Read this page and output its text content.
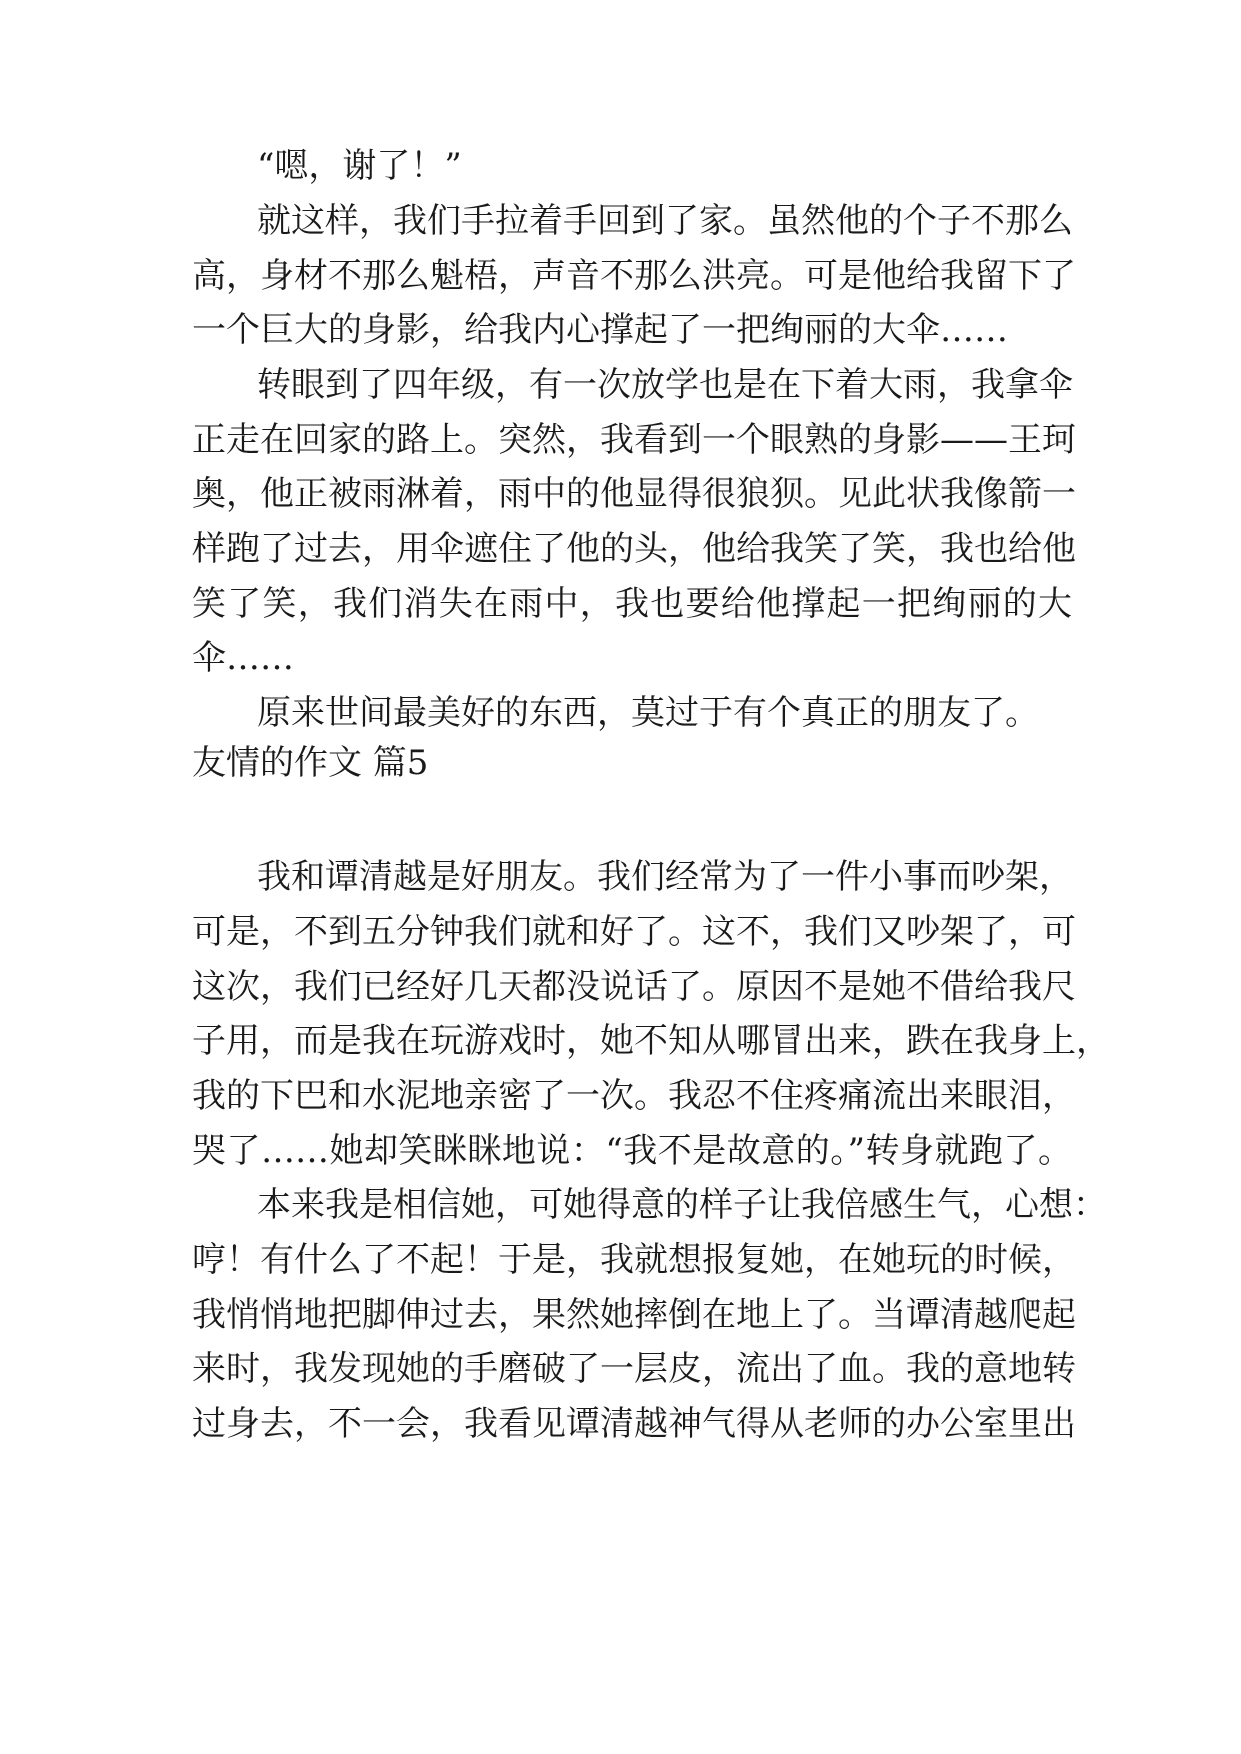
“嗯，谢了！”
就这样，我们手拉着手回到了家。虽然他的个子不那么
高，身材不那么魁梧，声音不那么洪亮。可是他给我留下了
一个巨大的身影，给我内心撑起了一把绚丽的大伞……
转眼到了四年级，有一次放学也是在下着大雨，我拿伞
正走在回家的路上。突然，我看到一个眼熟的身影——王珂
奥，他正被雨淋着，雨中的他显得很狼狈。见此状我像箭一
样跑了过去，用伞遮住了他的头，他给我笑了笑，我也给他
笑了笑，我们消失在雨中，我也要给他撑起一把绚丽的大
伞……
原来世间最美好的东西，莫过于有个真正的朋友了。
友情的作文 篇5
我和谭清越是好朋友。我们经常为了一件小事而吵架，
可是，不到五分钟我们就和好了。这不，我们又吵架了，可
这次，我们已经好几天都没说话了。原因不是她不借给我尺
子用，而是我在玩游戏时，她不知从哪冒出来，跌在我身上，
我的下巴和水泥地亲密了一次。我忍不住疼痛流出来眼泪，
哭了……她却笑眯眯地说：“我不是故意的。”转身就跑了。
本来我是相信她，可她得意的样子让我倍感生气，心想：
哼！有什么了不起！于是，我就想报复她，在她玩的时候，
我悄悄地把脚伸过去，果然她摔倒在地上了。当谭清越爬起
来时，我发现她的手磨破了一层皮，流出了血。我的意地转
过身去，不一会，我看见谭清越神气得从老师的办公室里出
